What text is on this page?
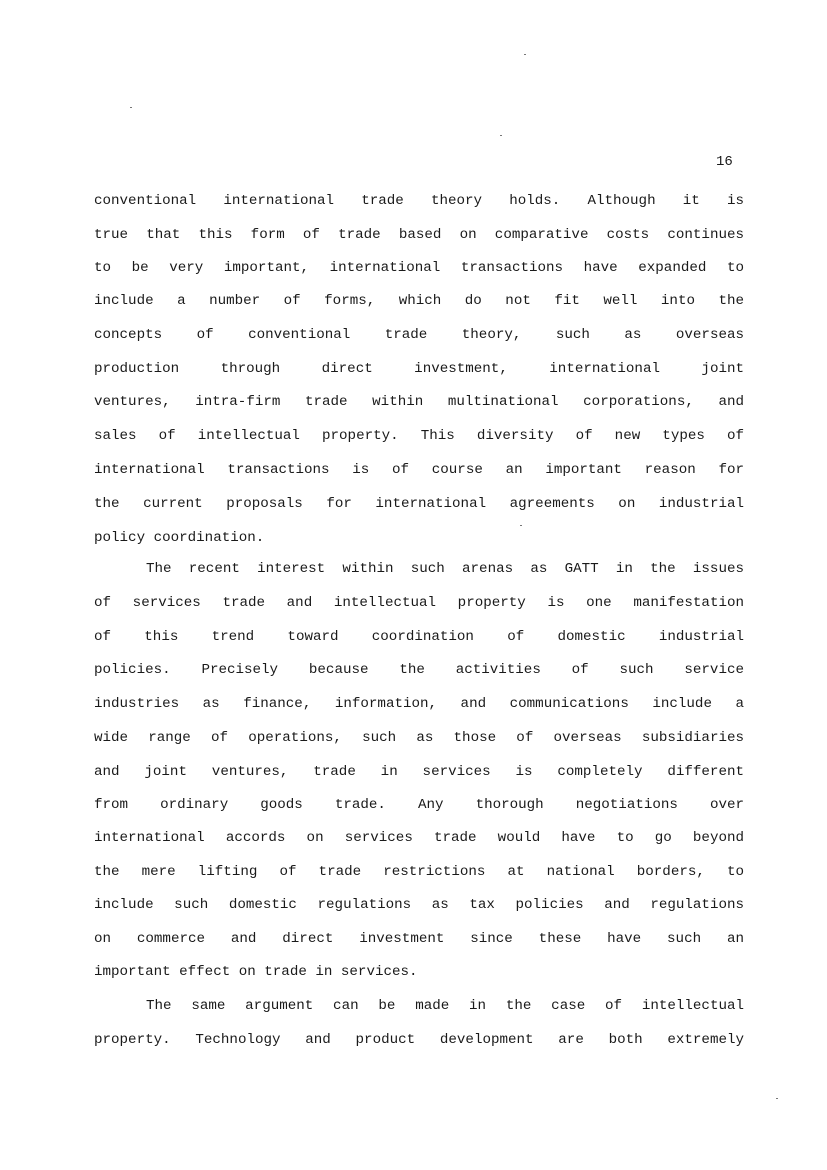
16
conventional international trade theory holds. Although it is
true that this form of trade based on comparative costs continues
to be very important, international transactions have expanded to
include a number of forms, which do not fit well into the
concepts of conventional trade theory, such as overseas
production through direct investment, international joint
ventures, intra-firm trade within multinational corporations, and
sales of intellectual property. This diversity of new types of
international transactions is of course an important reason for
the current proposals for international agreements on industrial
policy coordination.
The recent interest within such arenas as GATT in the issues
of services trade and intellectual property is one manifestation
of this trend toward coordination of domestic industrial
policies. Precisely because the activities of such service
industries as finance, information, and communications include a
wide range of operations, such as those of overseas subsidiaries
and joint ventures, trade in services is completely different
from ordinary goods trade. Any thorough negotiations over
international accords on services trade would have to go beyond
the mere lifting of trade restrictions at national borders, to
include such domestic regulations as tax policies and regulations
on commerce and direct investment since these have such an
important effect on trade in services.
The same argument can be made in the case of intellectual
property. Technology and product development are both extremely
